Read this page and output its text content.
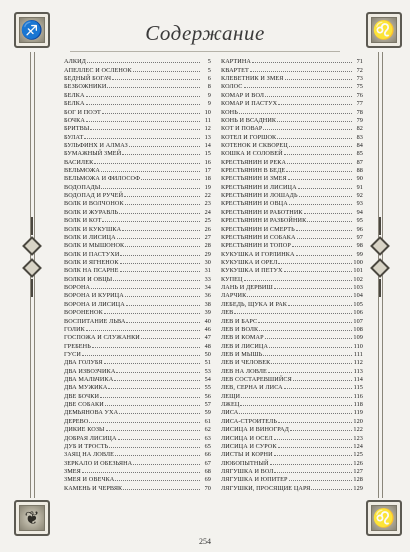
♐	♌
❦	♌
Содержание
АЛКИД	5
АПЕЛЛЕС И ОСЛЕНОК	5
БЕДНЫЙ БОГАЧ	6
БЕЗБОЖНИКИ	8
БЕЛКА	9
БЕЛКА	9
БОГ И ПОЭТ	10
БОЧКА	11
БРИТВЫ	12
БУЛАТ	13
БУЛЬФИНХ И АЛМАЗ	14
БУМАЖНЫЙ ЗМЕЙ	15
ВАСИЛЕК	16
ВЕЛЬМОЖА	17
ВЕЛЬМОЖА И ФИЛОСОФ	18
ВОДОПАДЫ	19
ВОДОПАД И РУЧЕЙ	22
ВОЛК И ВОЛЧОНОК	23
ВОЛК И ЖУРАВЛЬ	24
ВОЛК И КОТ	25
ВОЛК И КУКУШКА	26
ВОЛК И ЛИСИЦА	27
ВОЛК И МЫШОНОК	28
ВОЛК И ПАСТУХИ	29
ВОЛК И ЯГНЕНОК	30
ВОЛК НА ПСАРНЕ	31
ВОЛКИ И ОВЦЫ	33
ВОРОНА	34
ВОРОНА И КУРИЦА	36
ВОРОНА И ЛИСИЦА	38
ВОРОНЕНОК	39
ВОСПИТАНИЕ ЛЬВА	40
ГОЛИК	46
ГОСПОЖА И СЛУЖАНКИ	47
ГРЕБЕНЬ	48
ГУСИ	50
ДВА ГОЛУБЯ	51
ДВА ИЗВОЗЧИКА	53
ДВА МАЛЬЧИКА	54
ДВА МУЖИКА	55
ДВЕ БОЧКИ	56
ДВЕ СОБАКИ	57
ДЕМЬЯНОВА УХА	59
ДЕРЕВО	61
ДИКИЕ КОЗЫ	62
ДОБРАЯ ЛИСИЦА	63
ДУБ И ТРОСТЬ	65
ЗАЯЦ НА ЛОВЛЕ	66
ЗЕРКАЛО И ОБЕЗЬЯНА	67
ЗМЕЯ	68
ЗМЕЯ И ОВЕЧКА	69
КАМЕНЬ И ЧЕРВЯК	70
КАРТИНА	71
КВАРТЕТ	72
КЛЕВЕТНИК И ЗМЕЯ	73
КОЛОС	75
КОМАР И ВОЛ	76
КОМАР И ПАСТУХ	77
КОНЬ	78
КОНЬ И ВСАДНИК	79
КОТ И ПОВАР	82
КОТЕЛ И ГОРШОК	83
КОТЕНОК И СКВОРЕЦ	84
КОШКА И СОЛОВЕЙ	85
КРЕСТЬЯНИН И РЕКА	87
КРЕСТЬЯНИН В БЕДЕ	88
КРЕСТЬЯНИН И ЗМЕЯ	90
КРЕСТЬЯНИН И ЛИСИЦА	91
КРЕСТЬЯНИН И ЛОШАДЬ	92
КРЕСТЬЯНИН И ОВЦА	93
КРЕСТЬЯНИН И РАБОТНИК	94
КРЕСТЬЯНИН И РАЗБОЙНИК	95
КРЕСТЬЯНИН И СМЕРТЬ	96
КРЕСТЬЯНИН И СОБАКА	97
КРЕСТЬЯНИН И ТОПОР	98
КУКУШКА И ГОРЛИНКА	99
КУКУШКА И ОРЕЛ	100
КУКУШКА И ПЕТУХ	101
КУПЕЦ	102
ЛАНЬ И ДЕРВИШ	103
ЛАРЧИК	104
ЛЕБЕДЬ, ЩУКА И РАК	105
ЛЕВ	106
ЛЕВ И БАРС	107
ЛЕВ И ВОЛК	108
ЛЕВ И КОМАР	109
ЛЕВ И ЛИСИЦА	110
ЛЕВ И МЫШЬ	111
ЛЕВ И ЧЕЛОВЕК	112
ЛЕВ НА ЛОВЛЕ	113
ЛЕВ СОСТАРЕВШИЙСЯ	114
ЛЕВ, СЕРНА И ЛИСА	115
ЛЕЩИ	116
ЛЖЕЦ	118
ЛИСА	119
ЛИСА-СТРОИТЕЛЬ	120
ЛИСИЦА И ВИНОГРАД	122
ЛИСИЦА И ОСЕЛ	123
ЛИСИЦА И СУРОК	124
ЛИСТЫ И КОРНИ	125
ЛЮБОПЫТНЫЙ	126
ЛЯГУШКА И ВОЛ	127
ЛЯГУШКА И ЮПИТЕР	128
ЛЯГУШКИ, ПРОСЯЩИЕ ЦАРЯ	129
254
